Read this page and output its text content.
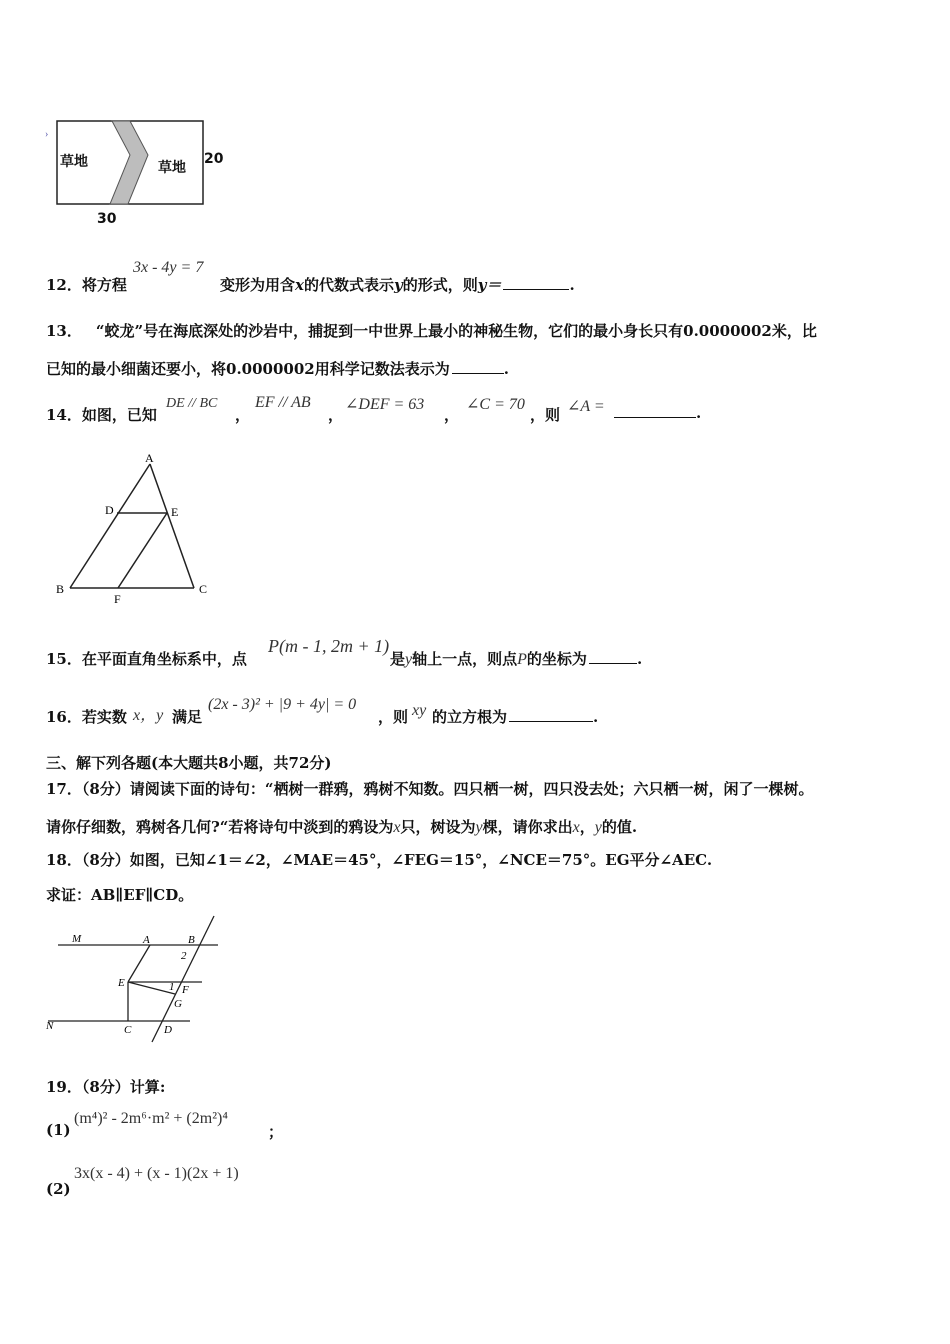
›
草地	草地
20
30
12．将方程
3x - 4y = 7
变形为用含x的代数式表示y的形式，则y＝	.
13． “蛟龙”号在海底深处的沙岩中，捕捉到一中世界上最小的神秘生物，它们的最小身长只有0.0000002米，比
已知的最小细菌还要小，将0.0000002用科学记数法表示为	.
14．如图，已知
DE // BC
，
EF // AB
，
∠DEF = 63
，
∠C = 70
，则 ∠A =	.
A
D	E
B
F
C
15．在平面直角坐标系中，点
P(m - 1, 2m + 1)
是y轴上一点，则点P的坐标为	.
16．若实数 x，y 满足
(2x - 3)² + |9 + 4y| = 0
，则 xy 的立方根为	.
三、解下列各题(本大题共8小题，共72分)
17．（8分）请阅读下面的诗句：“栖树一群鸦，鸦树不知数。四只栖一树，四只没去处；六只栖一树，闲了一棵树。
请你仔细数，鸦树各几何?“若将诗句中淡到的鸦设为x只，树设为y棵，请你求出x，y的值.
18．（8分）如图，已知∠1＝∠2，∠MAE＝45°，∠FEG＝15°，∠NCE＝75°。EG平分∠AEC.
求证：AB∥EF∥CD。
M	A	B
2
E	1 F
G
N	C	D
19．（8分）计算:
(1)
(m⁴)² - 2m⁶·m² + (2m²)⁴
；
(2)
3x(x - 4) + (x - 1)(2x + 1)
